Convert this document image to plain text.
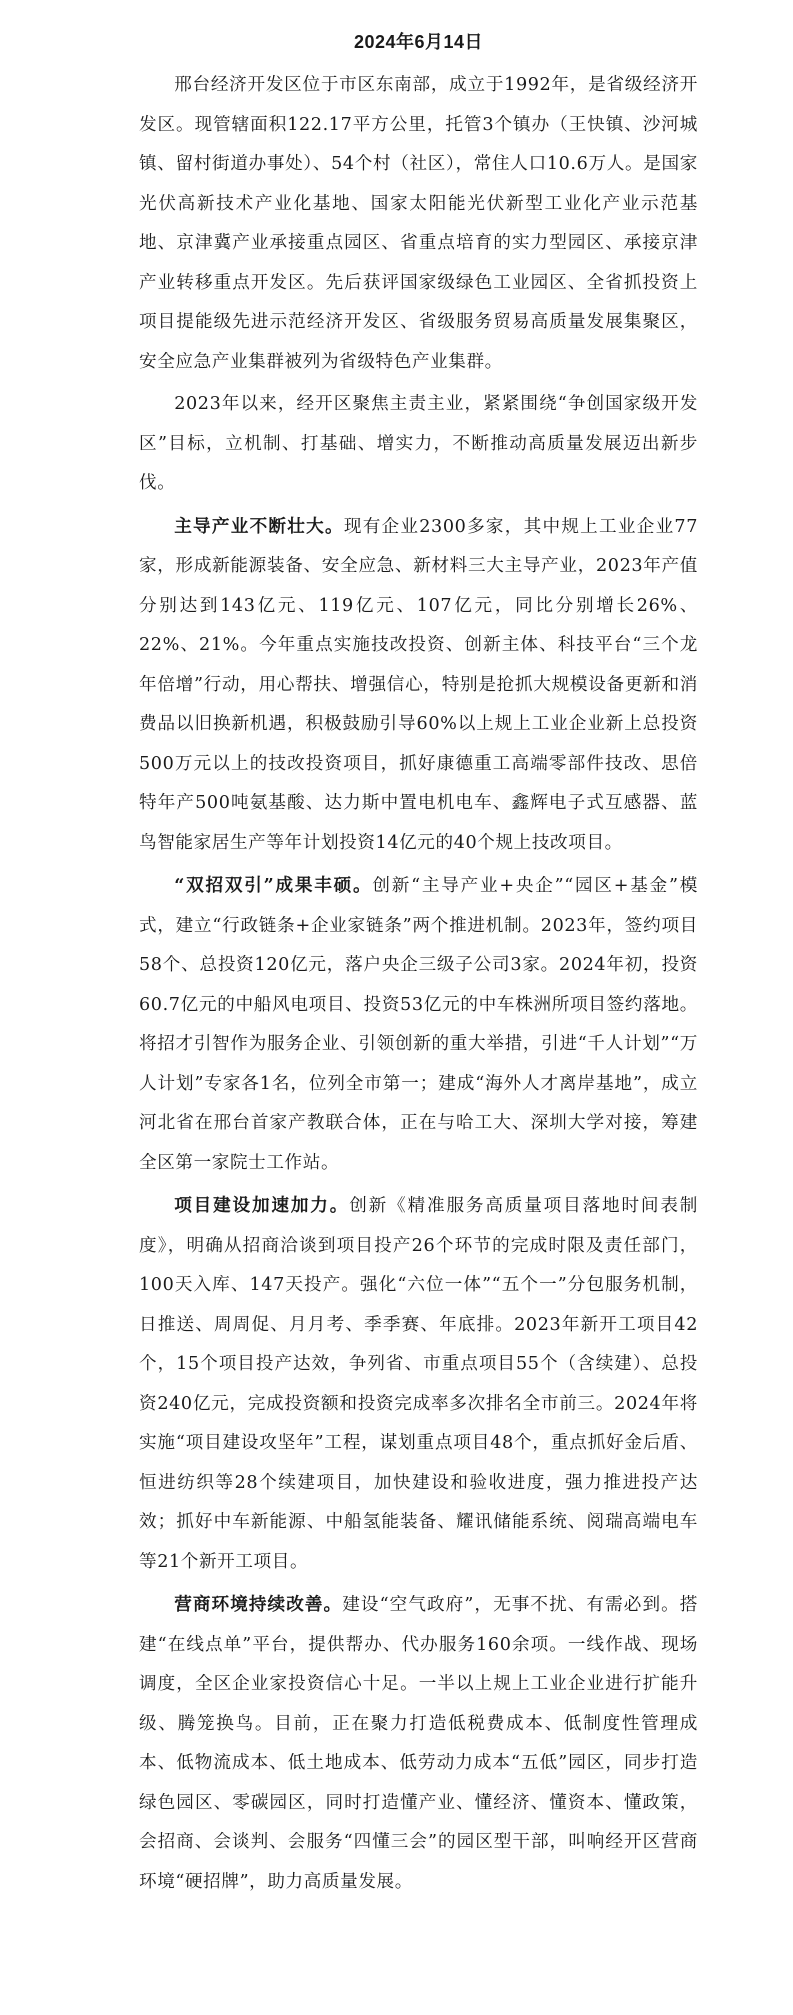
2024年6月14日

邢台经济开发区位于市区东南部，成立于1992年，是省级经济开发区。现管辖面积122.17平方公里，托管3个镇办（王快镇、沙河城镇、留村街道办事处）、54个村（社区），常住人口10.6万人。是国家光伏高新技术产业化基地、国家太阳能光伏新型工业化产业示范基地、京津冀产业承接重点园区、省重点培育的实力型园区、承接京津产业转移重点开发区。先后获评国家级绿色工业园区、全省抓投资上项目提能级先进示范经济开发区、省级服务贸易高质量发展集聚区，安全应急产业集群被列为省级特色产业集群。

2023年以来，经开区聚焦主责主业，紧紧围绕“争创国家级开发区”目标，立机制、打基础、增实力，不断推动高质量发展迈出新步伐。

主导产业不断壮大。现有企业2300多家，其中规上工业企业77家，形成新能源装备、安全应急、新材料三大主导产业，2023年产值分别达到143亿元、119亿元、107亿元，同比分别增长26%、22%、21%。今年重点实施技改投资、创新主体、科技平台“三个龙年倍增”行动，用心帮扶、增强信心，特别是抢抓大规模设备更新和消费品以旧换新机遇，积极鼓励引导60%以上规上工业企业新上总投资500万元以上的技改投资项目，抓好康德重工高端零部件技改、思倍特年产500吨氨基酸、达力斯中置电机电车、鑫辉电子式互感器、蓝鸟智能家居生产等年计划投资14亿元的40个规上技改项目。

“双招双引”成果丰硕。创新“主导产业+央企”“园区+基金”模式，建立“行政链条+企业家链条”两个推进机制。2023年，签约项目58个、总投资120亿元，落户央企三级子公司3家。2024年初，投资60.7亿元的中船风电项目、投资53亿元的中车株洲所项目签约落地。将招才引智作为服务企业、引领创新的重大举措，引进“千人计划”“万人计划”专家各1名，位列全市第一；建成“海外人才离岸基地”，成立河北省在邢台首家产教联合体，正在与哈工大、深圳大学对接，筹建全区第一家院士工作站。

项目建设加速加力。创新《精准服务高质量项目落地时间表制度》，明确从招商洽谈到项目投产26个环节的完成时限及责任部门，100天入库、147天投产。强化“六位一体”“五个一”分包服务机制，日推送、周周促、月月考、季季赛、年底排。2023年新开工项目42个，15个项目投产达效，争列省、市重点项目55个（含续建）、总投资240亿元，完成投资额和投资完成率多次排名全市前三。2024年将实施“项目建设攻坚年”工程，谋划重点项目48个，重点抓好金后盾、恒进纺织等28个续建项目，加快建设和验收进度，强力推进投产达效；抓好中车新能源、中船氢能装备、耀讯储能系统、阅瑞高端电车等21个新开工项目。

营商环境持续改善。建设“空气政府”，无事不扰、有需必到。搭建“在线点单”平台，提供帮办、代办服务160余项。一线作战、现场调度，全区企业家投资信心十足。一半以上规上工业企业进行扩能升级、腾笼换鸟。目前，正在聚力打造低税费成本、低制度性管理成本、低物流成本、低土地成本、低劳动力成本“五低”园区，同步打造绿色园区、零碳园区，同时打造懂产业、懂经济、懂资本、懂政策，会招商、会谈判、会服务“四懂三会”的园区型干部，叫响经开区营商环境“硬招牌”，助力高质量发展。
